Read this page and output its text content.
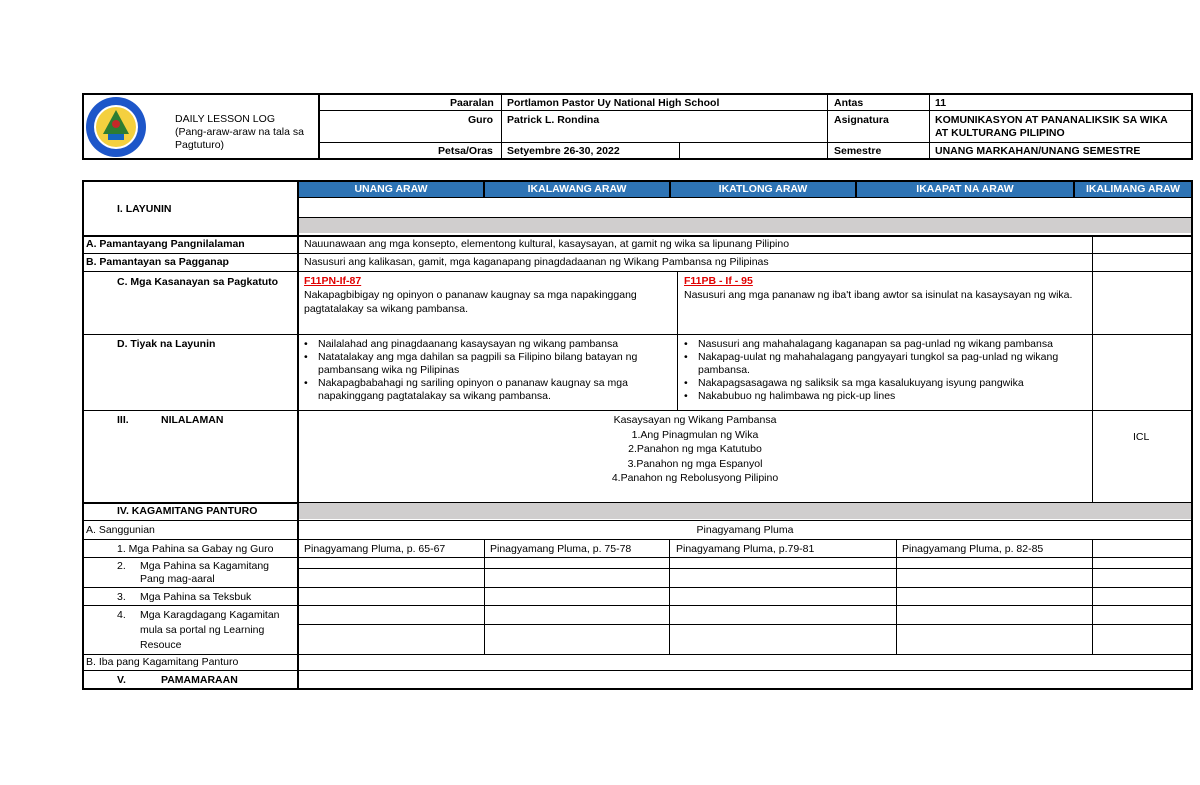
DAILY LESSON LOG
(Pang-araw-araw na tala sa
Pagtuturo)
Paaralan Portlamon Pastor Uy National High School	Antas	11
Guro Patrick L. Rondina	Asignatura	KOMUNIKASYON AT PANANALIKSIK SA WIKA
AT KULTURANG PILIPINO
Petsa/Oras Setyembre 26-30, 2022	Semestre	UNANG MARKAHAN/UNANG SEMESTRE
UNANG ARAW	IKALAWANG ARAW	IKATLONG ARAW	IKAAPAT NA ARAW	IKALIMANG ARAW
I. LAYUNIN
A. Pamantayang Pangnilalaman	Nauunawaan ang mga konsepto, elementong kultural, kasaysayan, at gamit ng wika sa lipunang Pilipino
B. Pamantayan sa Pagganap	Nasusuri ang kalikasan, gamit, mga kaganapang pinagdadaanan ng Wikang Pambansa ng Pilipinas
C. Mga Kasanayan sa Pagkatuto F11PN-If-87
Nakapagbibigay ng opinyon o pananaw kaugnay sa mga napakinggang
pagtatalakay sa wikang pambansa.
F11PB - If - 95
Nasusuri ang mga pananaw ng iba't ibang awtor sa isinulat na kasaysayan ng wika.
D. Tiyak na Layunin
•	Nailalahad ang pinagdaanang kasaysayan ng wikang pambansa
• Natatalakay ang mga dahilan sa pagpili sa Filipino bilang batayan ng pambansang wika ng Pilipinas
• Nakapagbabahagi ng sariling opinyon o pananaw kaugnay sa mga napakinggang pagtatalakay sa wikang pambansa.
• Nasusuri ang mahahalagang kaganapan sa pag-unlad ng wikang pambansa
• Nakapag-uulat ng mahahalagang pangyayari tungkol sa pag-unlad ng wikang pambansa.
• Nakapagsasagawa ng saliksik sa mga kasalukuyang isyung pangwika
• Nakabubuo ng halimbawa ng pick-up lines
III.	NILALAMAN	Kasaysayan ng Wikang Pambansa
1.Ang Pinagmulan ng Wika
2.Panahon ng mga Katutubo
3.Panahon ng mga Espanyol
4.Panahon ng Rebolusyong Pilipino
ICL
IV. KAGAMITANG PANTURO
A. Sanggunian	Pinagyamang Pluma
1. Mga Pahina sa Gabay ng Guro	Pinagyamang Pluma, p. 65-67	Pinagyamang Pluma, p. 75-78	Pinagyamang Pluma, p.79-81	Pinagyamang Pluma, p. 82-85
2. Mga Pahina sa Kagamitang
Pang mag-aaral
3. Mga Pahina sa Teksbuk
4. Mga Karagdagang Kagamitan
mula sa portal ng Learning
Resouce
B. Iba pang Kagamitang Panturo
V.	PAMAMARAAN
